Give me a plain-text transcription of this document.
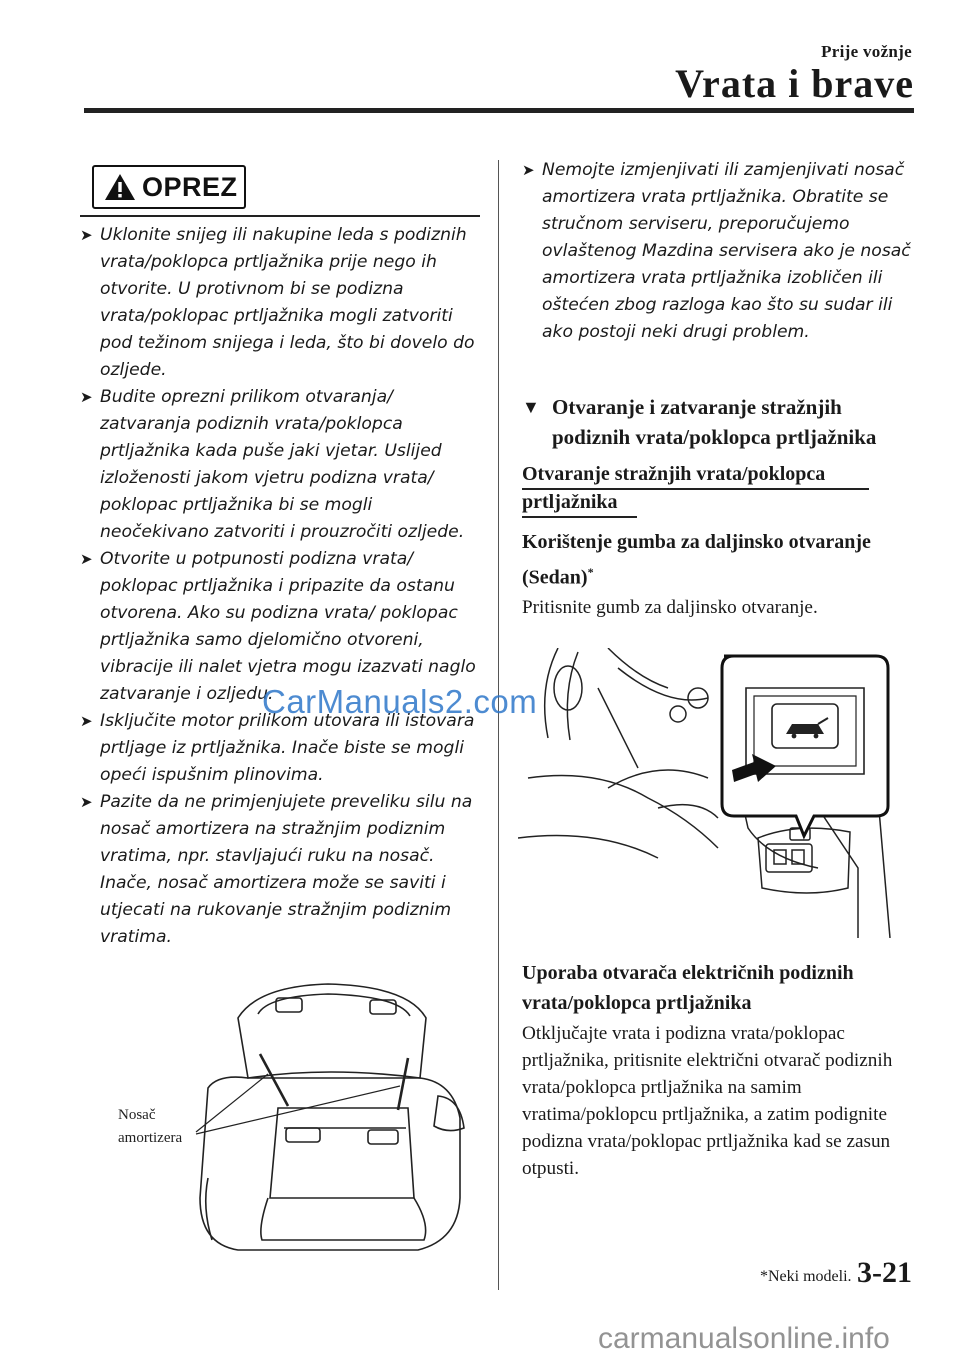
Prije vožnje
Vrata i brave
OPREZ
➤ Uklonite snijeg ili nakupine leda s podiznih vrata/poklopca prtljažnika prije nego ih otvorite. U protivnom bi se podizna vrata/poklopac prtljažnika mogli zatvoriti pod težinom snijega i leda, što bi dovelo do ozljede.
➤ Budite oprezni prilikom otvaranja/ zatvaranja podiznih vrata/poklopca prtljažnika kada puše jaki vjetar. Uslijed izloženosti jakom vjetru podizna vrata/ poklopac prtljažnika bi se mogli neočekivano zatvoriti i prouzročiti ozljede.
➤ Otvorite u potpunosti podizna vrata/ poklopac prtljažnika i pripazite da ostanu otvorena. Ako su podizna vrata/ poklopac prtljažnika samo djelomično otvoreni, vibracije ili nalet vjetra mogu izazvati naglo zatvaranje i ozljedu.
➤ Isključite motor prilikom utovara ili istovara prtljage iz prtljažnika. Inače biste se mogli opeći ispušnim plinovima.
➤ Pazite da ne primjenjujete preveliku silu na nosač amortizera na stražnjim podiznim vratima, npr. stavljajući ruku na nosač. Inače, nosač amortizera može se saviti i utjecati na rukovanje stražnjim podiznim vratima.
Nosač
amortizera
➤ Nemojte izmjenjivati ili zamjenjivati nosač amortizera vrata prtljažnika. Obratite se stručnom serviseru, preporučujemo ovlaštenog Mazdina servisera ako je nosač amortizera vrata prtljažnika izobličen ili oštećen zbog razloga kao što su sudar ili ako postoji neki drugi problem.
▼ Otvaranje i zatvaranje stražnjih podiznih vrata/poklopca prtljažnika
Otvaranje stražnjih vrata/poklopca
prtljažnika
Korištenje gumba za daljinsko otvaranje (Sedan)*
Pritisnite gumb za daljinsko otvaranje.
Uporaba otvarača električnih podiznih vrata/poklopca prtljažnika
Otključajte vrata i podizna vrata/poklopac prtljažnika, pritisnite električni otvarač podiznih vrata/poklopca prtljažnika na samim vratima/poklopcu prtljažnika, a zatim podignite podizna vrata/poklopac prtljažnika kad se zasun otpusti.
*Neki modeli. 3-21
CarManuals2.com
carmanualsonline.info
